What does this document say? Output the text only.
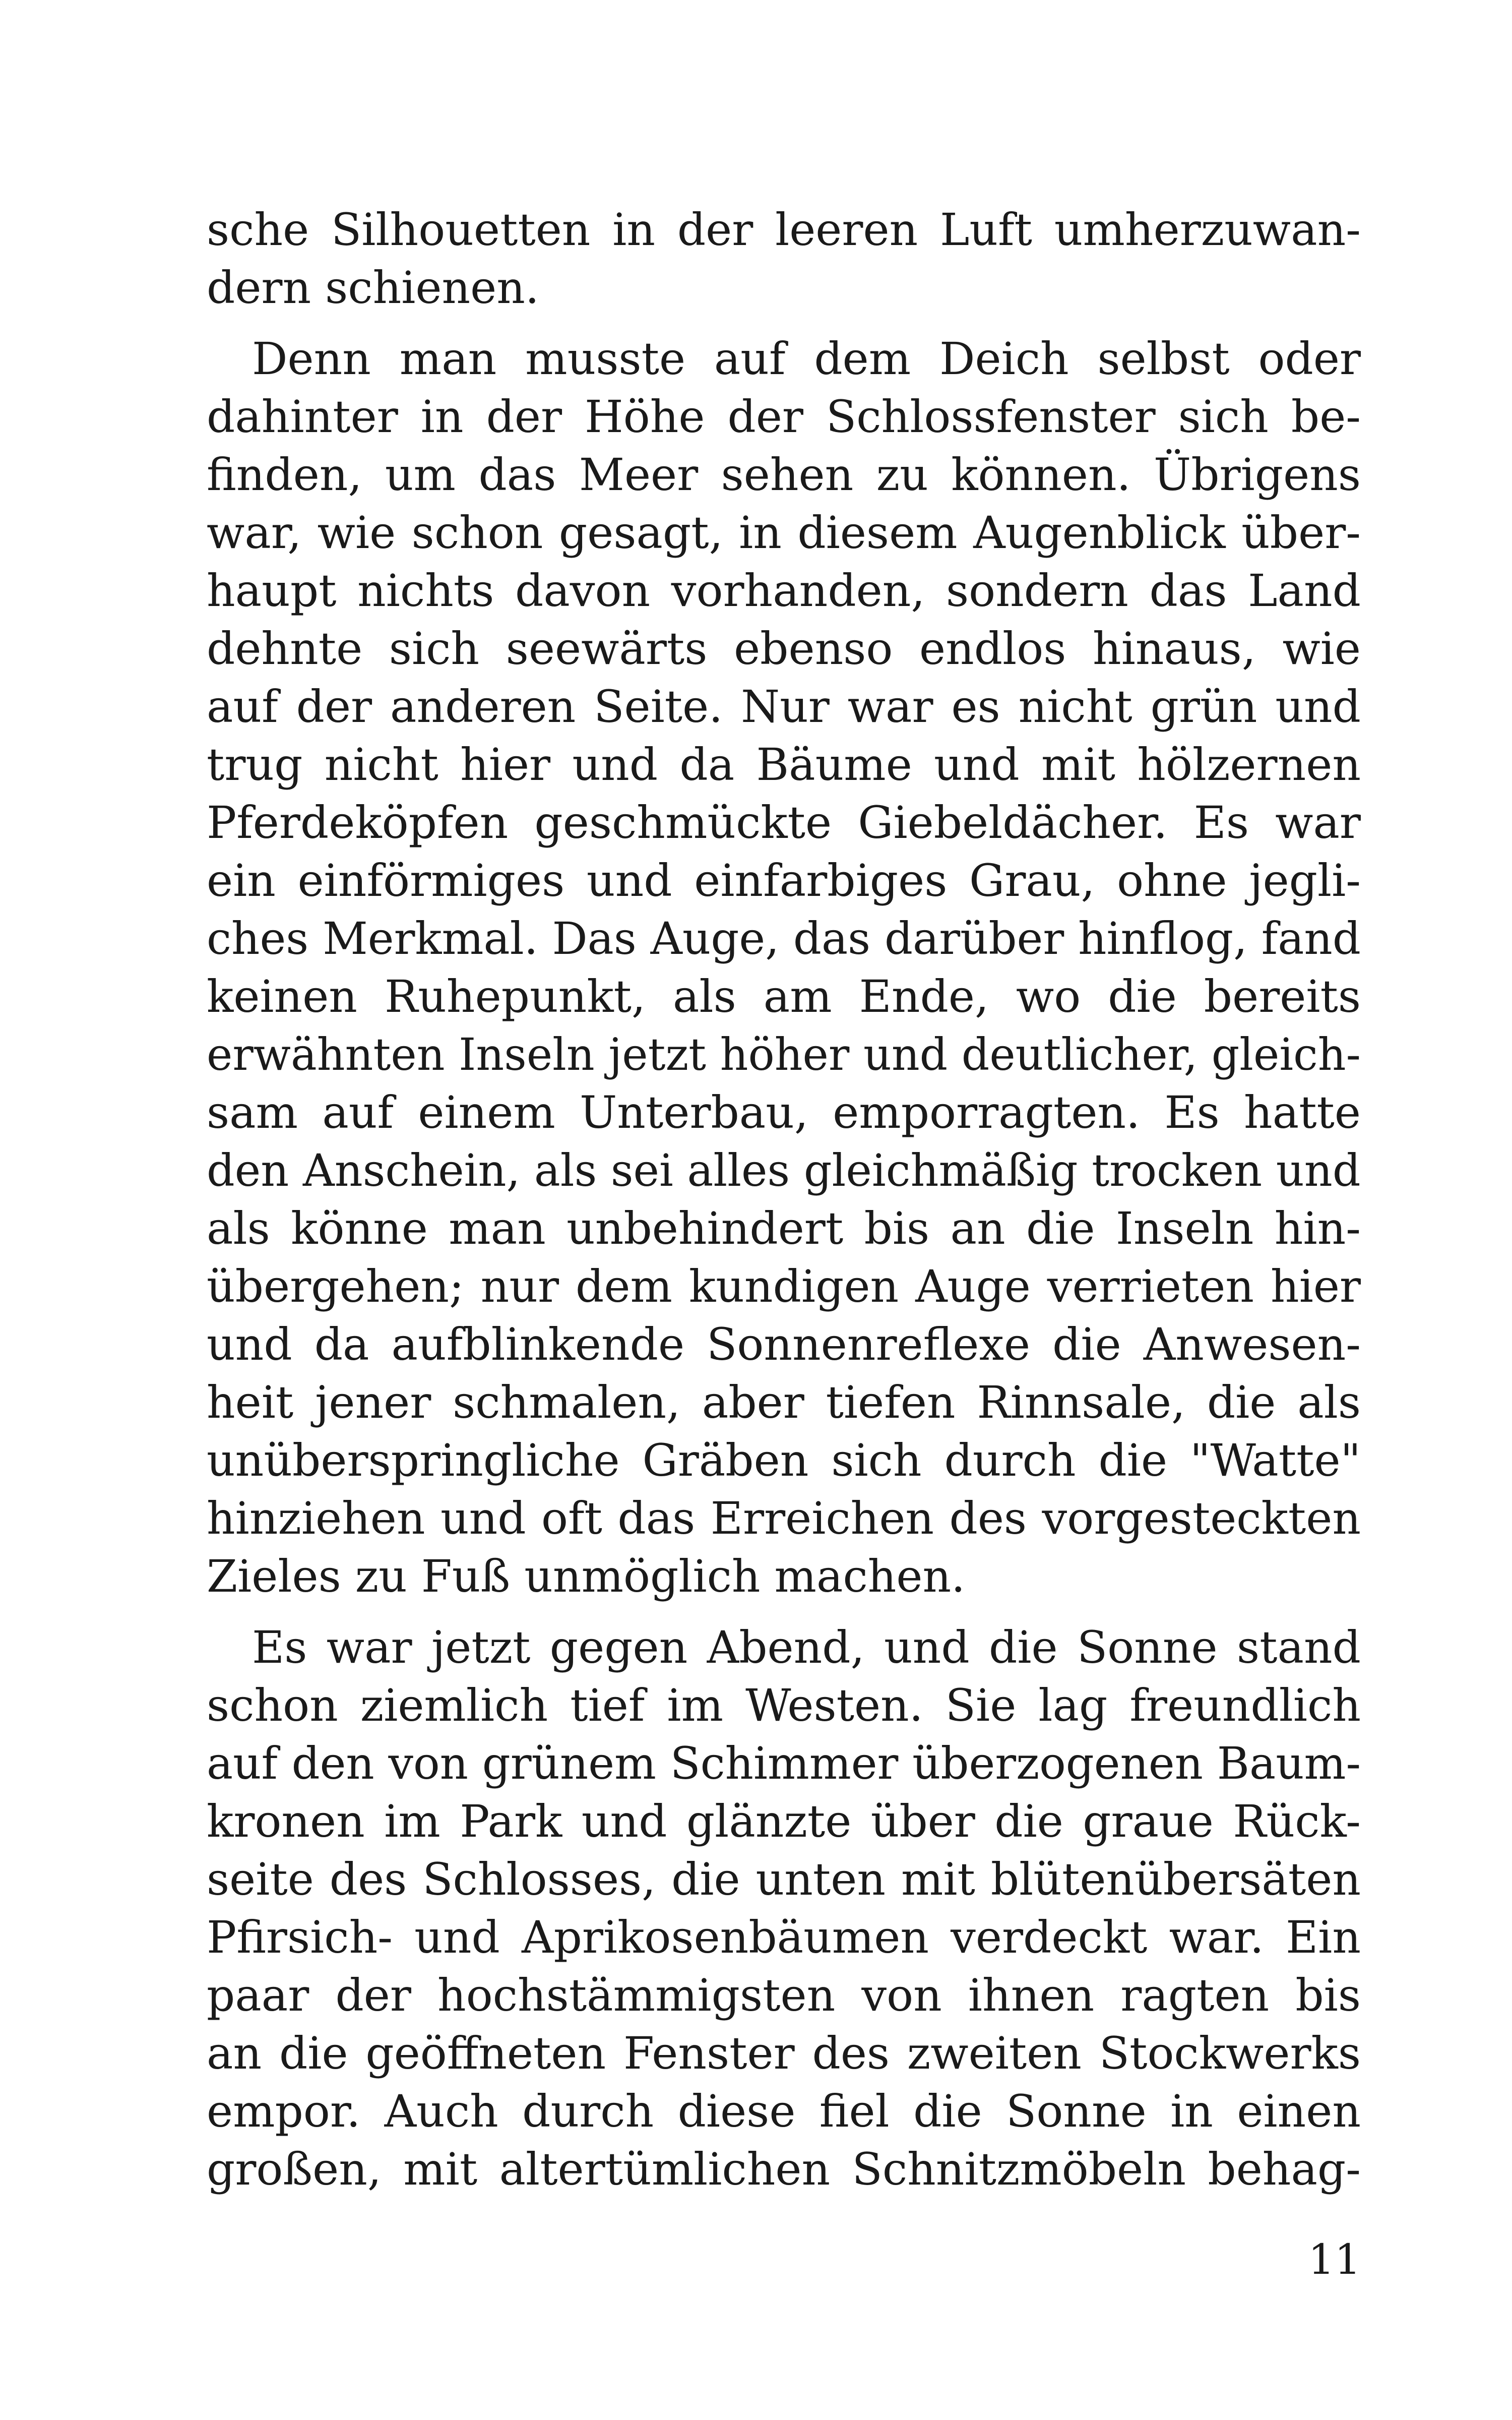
sche Silhouetten in der leeren Luft umherzuwan-
dern schienen.
Denn man musste auf dem Deich selbst oder
dahinter in der Höhe der Schlossfenster sich be-
finden, um das Meer sehen zu können. Übrigens
war, wie schon gesagt, in diesem Augenblick über-
haupt nichts davon vorhanden, sondern das Land
dehnte sich seewärts ebenso endlos hinaus, wie
auf der anderen Seite. Nur war es nicht grün und
trug nicht hier und da Bäume und mit hölzernen
Pferdeköpfen geschmückte Giebeldächer. Es war
ein einförmiges und einfarbiges Grau, ohne jegli-
ches Merkmal. Das Auge, das darüber hinflog, fand
keinen Ruhepunkt, als am Ende, wo die bereits
erwähnten Inseln jetzt höher und deutlicher, gleich-
sam auf einem Unterbau, emporragten. Es hatte
den Anschein, als sei alles gleichmäßig trocken und
als könne man unbehindert bis an die Inseln hin-
übergehen; nur dem kundigen Auge verrieten hier
und da aufblinkende Sonnenreflexe die Anwesen-
heit jener schmalen, aber tiefen Rinnsale, die als
unüberspringliche Gräben sich durch die "Watte"
hinziehen und oft das Erreichen des vorgesteckten
Zieles zu Fuß unmöglich machen.
Es war jetzt gegen Abend, und die Sonne stand
schon ziemlich tief im Westen. Sie lag freundlich
auf den von grünem Schimmer überzogenen Baum-
kronen im Park und glänzte über die graue Rück-
seite des Schlosses, die unten mit blütenübersäten
Pfirsich- und Aprikosenbäumen verdeckt war. Ein
paar der hochstämmigsten von ihnen ragten bis
an die geöffneten Fenster des zweiten Stockwerks
empor. Auch durch diese fiel die Sonne in einen
großen, mit altertümlichen Schnitzmöbeln behag-
11
